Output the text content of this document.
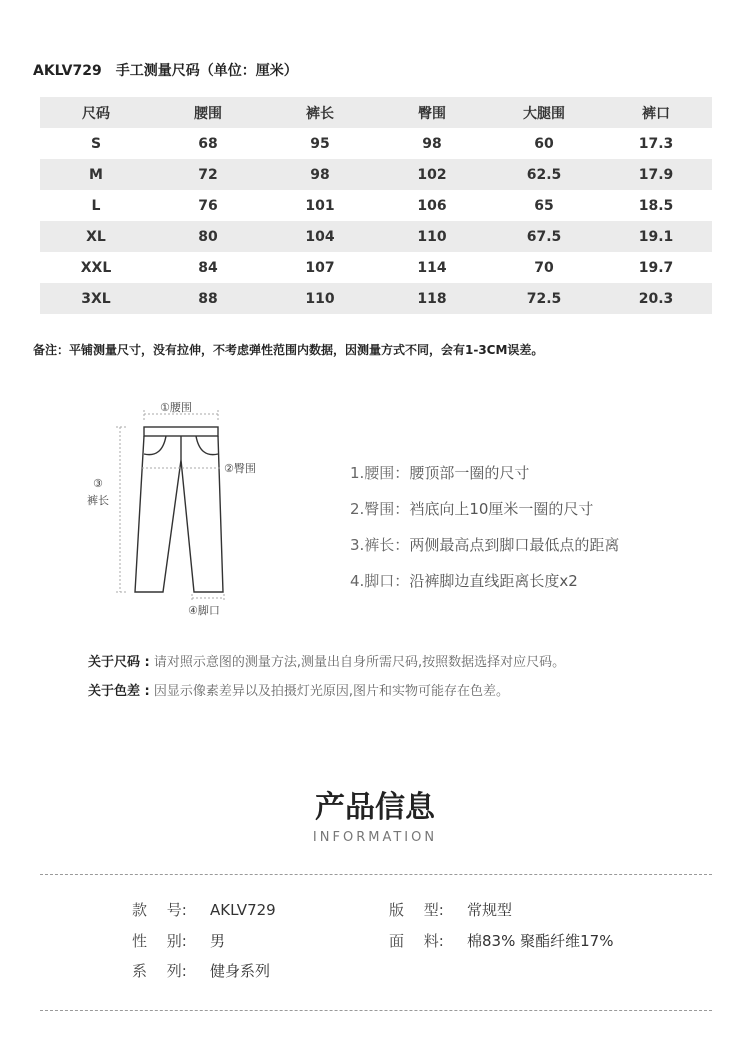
AKLV729 手工测量尺码（单位：厘米）
尺码	腰围	裤长	臀围	大腿围	裤口
S	68	95	98	60	17.3
M	72	98	102	62.5	17.9
L	76	101	106	65	18.5
XL	80	104	110	67.5	19.1
XXL	84	107	114	70	19.7
3XL	88	110	118	72.5	20.3
备注：平铺测量尺寸，没有拉伸，不考虑弹性范围内数据，因测量方式不同，会有1-3CM误差。
①腰围
③
裤长
②臀围
④脚口
1.腰围：腰顶部一圈的尺寸
2.臀围：裆底向上10厘米一圈的尺寸
3.裤长：两侧最高点到脚口最低点的距离
4.脚口：沿裤脚边直线距离长度x2
关于尺码 : 请对照示意图的测量方法,测量出自身所需尺码,按照数据选择对应尺码。
关于色差 : 因显示像素差异以及拍摄灯光原因,图片和实物可能存在色差。
产品信息
INFORMATION
款　 号: AKLV729	版　 型: 常规型
性　 别: 男	面　 料: 棉83% 聚酯纤维17%
系　 列: 健身系列
